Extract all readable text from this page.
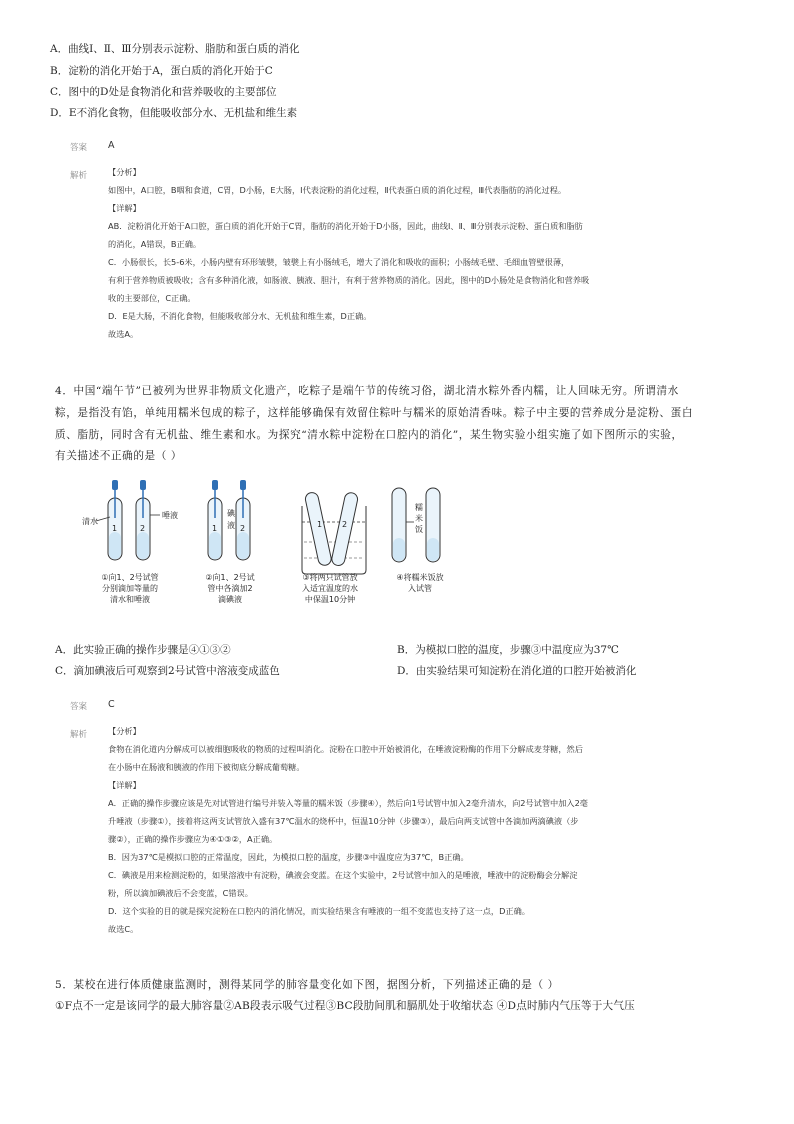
A．曲线Ⅰ、Ⅱ、Ⅲ分别表示淀粉、脂肪和蛋白质的消化
B．淀粉的消化开始于A，蛋白质的消化开始于C
C．图中的D处是食物消化和营养吸收的主要部位
D．E不消化食物，但能吸收部分水、无机盐和维生素
答案 A
解析	【分析】
如图中，A口腔，B咽和食道，C胃，D小肠，E大肠，Ⅰ代表淀粉的消化过程，Ⅱ代表蛋白质的消化过程，Ⅲ代表脂肪的消化过程。
【详解】
AB．淀粉消化开始于A口腔，蛋白质的消化开始于C胃，脂肪的消化开始于D小肠，因此，曲线Ⅰ、Ⅱ、Ⅲ分别表示淀粉、蛋白质和脂肪
的消化，A错误，B正确。
C．小肠很长，长5-6米，小肠内壁有环形皱襞，皱襞上有小肠绒毛，增大了消化和吸收的面积；小肠绒毛壁、毛细血管壁很薄，
有利于营养物质被吸收；含有多种消化液，如肠液、胰液、胆汁，有利于营养物质的消化。因此，图中的D小肠处是食物消化和营养吸
收的主要部位，C正确。
D．E是大肠，不消化食物，但能吸收部分水、无机盐和维生素，D正确。
故选A。
4．中国“端午节”已被列为世界非物质文化遗产，吃粽子是端午节的传统习俗，湖北清水粽外香内糯，让人回味无穷。所谓清水
粽，是指没有馅，单纯用糯米包成的粽子，这样能够确保有效留住粽叶与糯米的原始清香味。粽子中主要的营养成分是淀粉、蛋白
质、脂肪，同时含有无机盐、维生素和水。为探究“清水粽中淀粉在口腔内的消化”，某生物实验小组实施了如下图所示的实验，
有关描述不正确的是（ ）
清水
唾液
1	2
碘
液
1	2	1 2
糯
米
饭
①向1、2号试管
分别滴加等量的
清水和唾液
②向1、2号试
管中各滴加2
滴碘液
③将两只试管放
入适宜温度的水
中保温10分钟
④将糯米饭放
入试管
A．此实验正确的操作步骤是④①③②	B．为模拟口腔的温度，步骤③中温度应为37℃
C．滴加碘液后可观察到2号试管中溶液变成蓝色	D．由实验结果可知淀粉在消化道的口腔开始被消化
答案 C
解析	【分析】
食物在消化道内分解成可以被细胞吸收的物质的过程叫消化。淀粉在口腔中开始被消化，在唾液淀粉酶的作用下分解成麦芽糖，然后
在小肠中在肠液和胰液的作用下被彻底分解成葡萄糖。
【详解】
A．正确的操作步骤应该是先对试管进行编号并装入等量的糯米饭（步骤④），然后向1号试管中加入2毫升清水，向2号试管中加入2毫
升唾液（步骤①），接着将这两支试管放入盛有37℃温水的烧杯中，恒温10分钟（步骤③），最后向两支试管中各滴加两滴碘液（步
骤②），正确的操作步骤应为④①③②，A正确。
B．因为37℃是模拟口腔的正常温度，因此，为模拟口腔的温度，步骤③中温度应为37℃，B正确。
C．碘液是用来检测淀粉的，如果溶液中有淀粉，碘液会变蓝。在这个实验中，2号试管中加入的是唾液，唾液中的淀粉酶会分解淀
粉，所以滴加碘液后不会变蓝，C错误。
D．这个实验的目的就是探究淀粉在口腔内的消化情况，而实验结果含有唾液的一组不变蓝也支持了这一点，D正确。
故选C。
5．某校在进行体质健康监测时，测得某同学的肺容量变化如下图，据图分析，下列描述正确的是（ ）
①F点不一定是该同学的最大肺容量②AB段表示吸气过程③BC段肋间肌和膈肌处于收缩状态 ④D点时肺内气压等于大气压
